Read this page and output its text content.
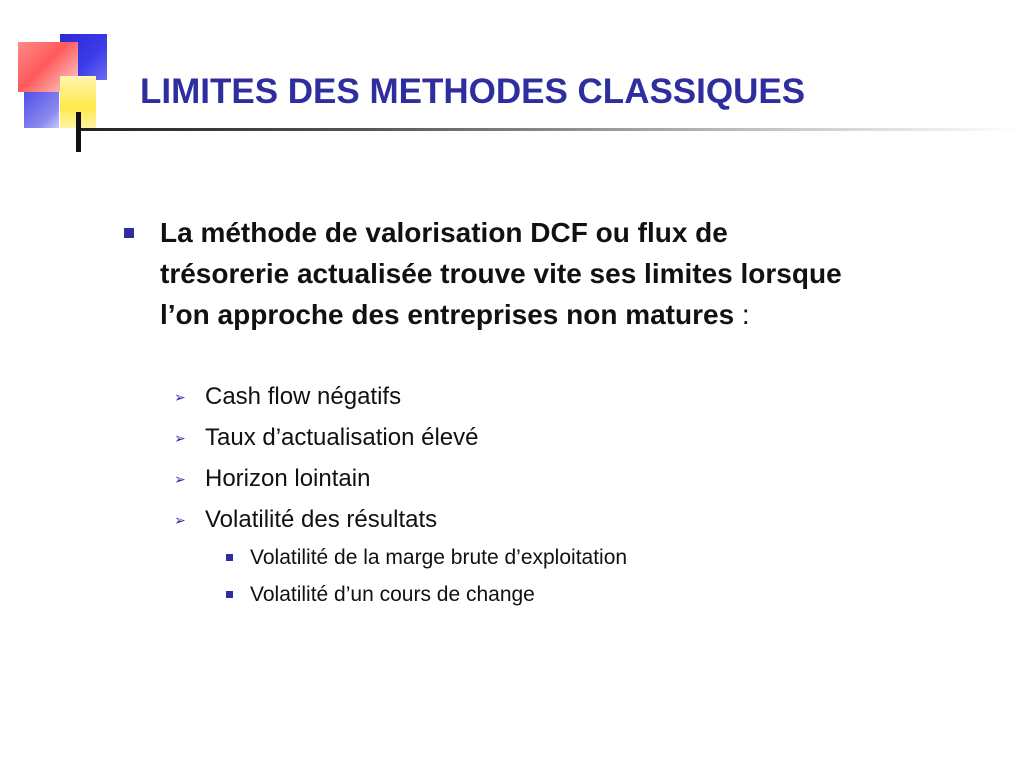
LIMITES DES METHODES CLASSIQUES
La méthode de valorisation DCF ou flux de trésorerie actualisée trouve vite ses limites lorsque l’on approche des entreprises non matures :
➢ Cash flow négatifs
➢ Taux d’actualisation élevé
➢ Horizon lointain
➢ Volatilité des résultats
Volatilité de la marge brute d’exploitation
Volatilité d’un cours de change
